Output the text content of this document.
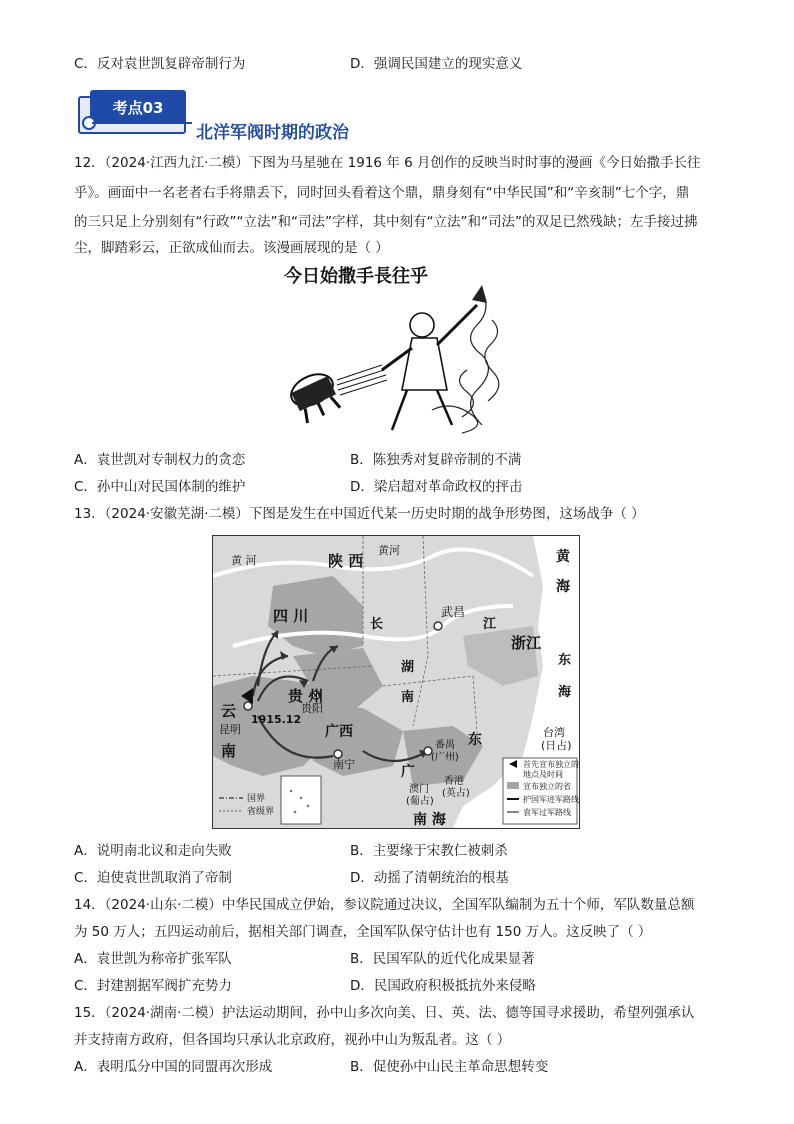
C．反对袁世凯复辟帝制行为	D．强调民国建立的现实意义
考点03
北洋军阀时期的政治
12．（2024·江西九江·二模）下图为马星驰在 1916 年 6 月创作的反映当时时事的漫画《今日始撒手长往
乎》。画面中一名老者右手将鼎丢下，同时回头看着这个鼎，鼎身刻有“中华民国”和“辛亥制”七个字，鼎
的三只足上分别刻有“行政”“立法”和“司法”字样，其中刻有“立法”和“司法”的双足已然残缺；左手接过拂
尘，脚踏彩云，正欲成仙而去。该漫画展现的是（ ）
今日始撒手長往乎
A．袁世凯对专制权力的贪恋	B．陈独秀对复辟帝制的不满
C．孙中山对民国体制的维护	D．梁启超对革命政权的抨击
13．（2024·安徽芜湖·二模）下图是发生在中国近代某一历史时期的战争形势图，这场战争（ ）
黄 河	陕 西
黄河	黄
海
四 川	长
武昌
江
浙江
东
海
贵 州
贵阳
湖
南
云
昆明
1915.12
南
广西
南宁
台湾
(日占)
东
番禺
(广州)
广
澳门
(葡占)
香港
(英占)
南 海
国界
省级界
首先宣布独立的
地点及时间
宣布独立的省
护国军进军路线
袁军过军路线
A．说明南北议和走向失败	B．主要缘于宋教仁被刺杀
C．迫使袁世凯取消了帝制	D．动摇了清朝统治的根基
14．（2024·山东·二模）中华民国成立伊始，参议院通过决议，全国军队编制为五十个师，军队数量总额
为 50 万人；五四运动前后，据相关部门调查，全国军队保守估计也有 150 万人。这反映了（ ）
A．袁世凯为称帝扩张军队	B．民国军队的近代化成果显著
C．封建割据军阀扩充势力	D．民国政府积极抵抗外来侵略
15．（2024·湖南·二模）护法运动期间，孙中山多次向美、日、英、法、德等国寻求援助，希望列强承认
并支持南方政府，但各国均只承认北京政府，视孙中山为叛乱者。这（ ）
A．表明瓜分中国的同盟再次形成	B．促使孙中山民主革命思想转变
